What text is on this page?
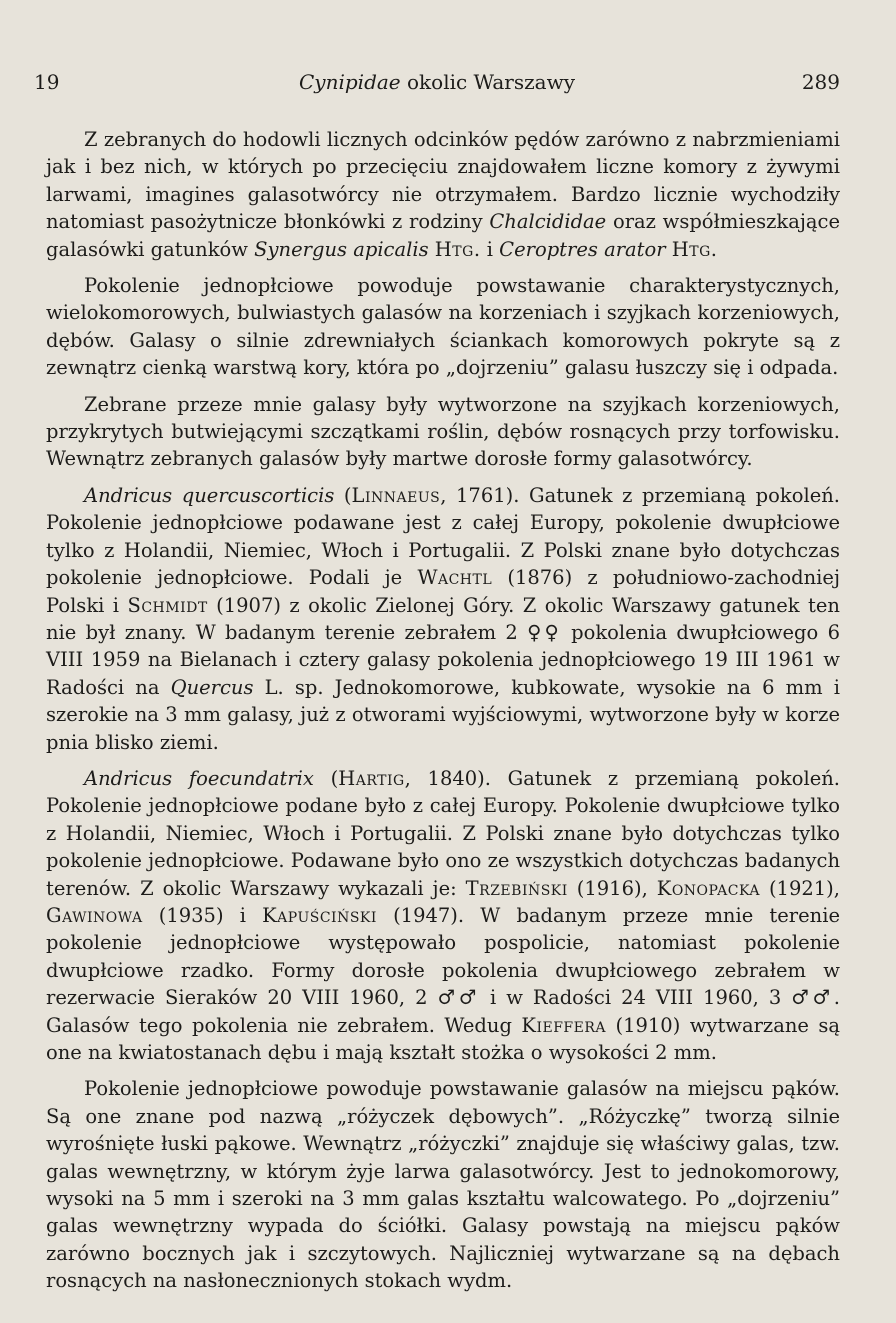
19	Cynipidae okolic Warszawy	289

Z zebranych do hodowli licznych odcinków pędów zarówno z nabrzmieniami jak i bez nich, w których po przecięciu znajdowałem liczne komory z żywymi larwami, imagines galasotwórcy nie otrzymałem. Bardzo licznie wychodziły natomiast pasożytnicze błonkówki z rodziny Chalcididae oraz współmieszkające galasówki gatunków Synergus apicalis Htg. i Ceroptres arator Htg.

Pokolenie jednopłciowe powoduje powstawanie charakterystycznych, wielokomorowych, bulwiastych galasów na korzeniach i szyjkach korzeniowych, dębów. Galasy o silnie zdrewniałych ściankach komorowych pokryte są z zewnątrz cienką warstwą kory, która po „dojrzeniu” galasu łuszczy się i odpada.

Zebrane przeze mnie galasy były wytworzone na szyjkach korzeniowych, przykrytych butwiejącymi szczątkami roślin, dębów rosnących przy torfowisku. Wewnątrz zebranych galasów były martwe dorosłe formy galasotwórcy.

Andricus quercuscorticis (Linnaeus, 1761). Gatunek z przemianą pokoleń. Pokolenie jednopłciowe podawane jest z całej Europy, pokolenie dwupłciowe tylko z Holandii, Niemiec, Włoch i Portugalii. Z Polski znane było dotychczas pokolenie jednopłciowe. Podali je Wachtl (1876) z południowo-zachodniej Polski i Schmidt (1907) z okolic Zielonej Góry. Z okolic Warszawy gatunek ten nie był znany. W badanym terenie zebrałem 2 ♀♀ pokolenia dwupłciowego 6 VIII 1959 na Bielanach i cztery galasy pokolenia jednopłciowego 19 III 1961 w Radości na Quercus L. sp. Jednokomorowe, kubkowate, wysokie na 6 mm i szerokie na 3 mm galasy, już z otworami wyjściowymi, wytworzone były w korze pnia blisko ziemi.

Andricus foecundatrix (Hartig, 1840). Gatunek z przemianą pokoleń. Pokolenie jednopłciowe podane było z całej Europy. Pokolenie dwupłciowe tylko z Holandii, Niemiec, Włoch i Portugalii. Z Polski znane było dotychczas tylko pokolenie jednopłciowe. Podawane było ono ze wszystkich dotychczas badanych terenów. Z okolic Warszawy wykazali je: Trzebiński (1916), Konopacka (1921), Gawinowa (1935) i Kapuściński (1947). W badanym przeze mnie terenie pokolenie jednopłciowe występowało pospolicie, natomiast pokolenie dwupłciowe rzadko. Formy dorosłe pokolenia dwupłciowego zebrałem w rezerwacie Sieraków 20 VIII 1960, 2 ♂♂ i w Radości 24 VIII 1960, 3 ♂♂. Galasów tego pokolenia nie zebrałem. Wedug Kieffera (1910) wytwarzane są one na kwiatostanach dębu i mają kształt stożka o wysokości 2 mm.

Pokolenie jednopłciowe powoduje powstawanie galasów na miejscu pąków. Są one znane pod nazwą „różyczek dębowych”. „Różyczkę” tworzą silnie wyrośnięte łuski pąkowe. Wewnątrz „różyczki” znajduje się właściwy galas, tzw. galas wewnętrzny, w którym żyje larwa galasotwórcy. Jest to jednokomorowy, wysoki na 5 mm i szeroki na 3 mm galas kształtu walcowatego. Po „dojrzeniu” galas wewnętrzny wypada do ściółki. Galasy powstają na miejscu pąków zarówno bocznych jak i szczytowych. Najliczniej wytwarzane są na dębach rosnących na nasłonecznionych stokach wydm.
